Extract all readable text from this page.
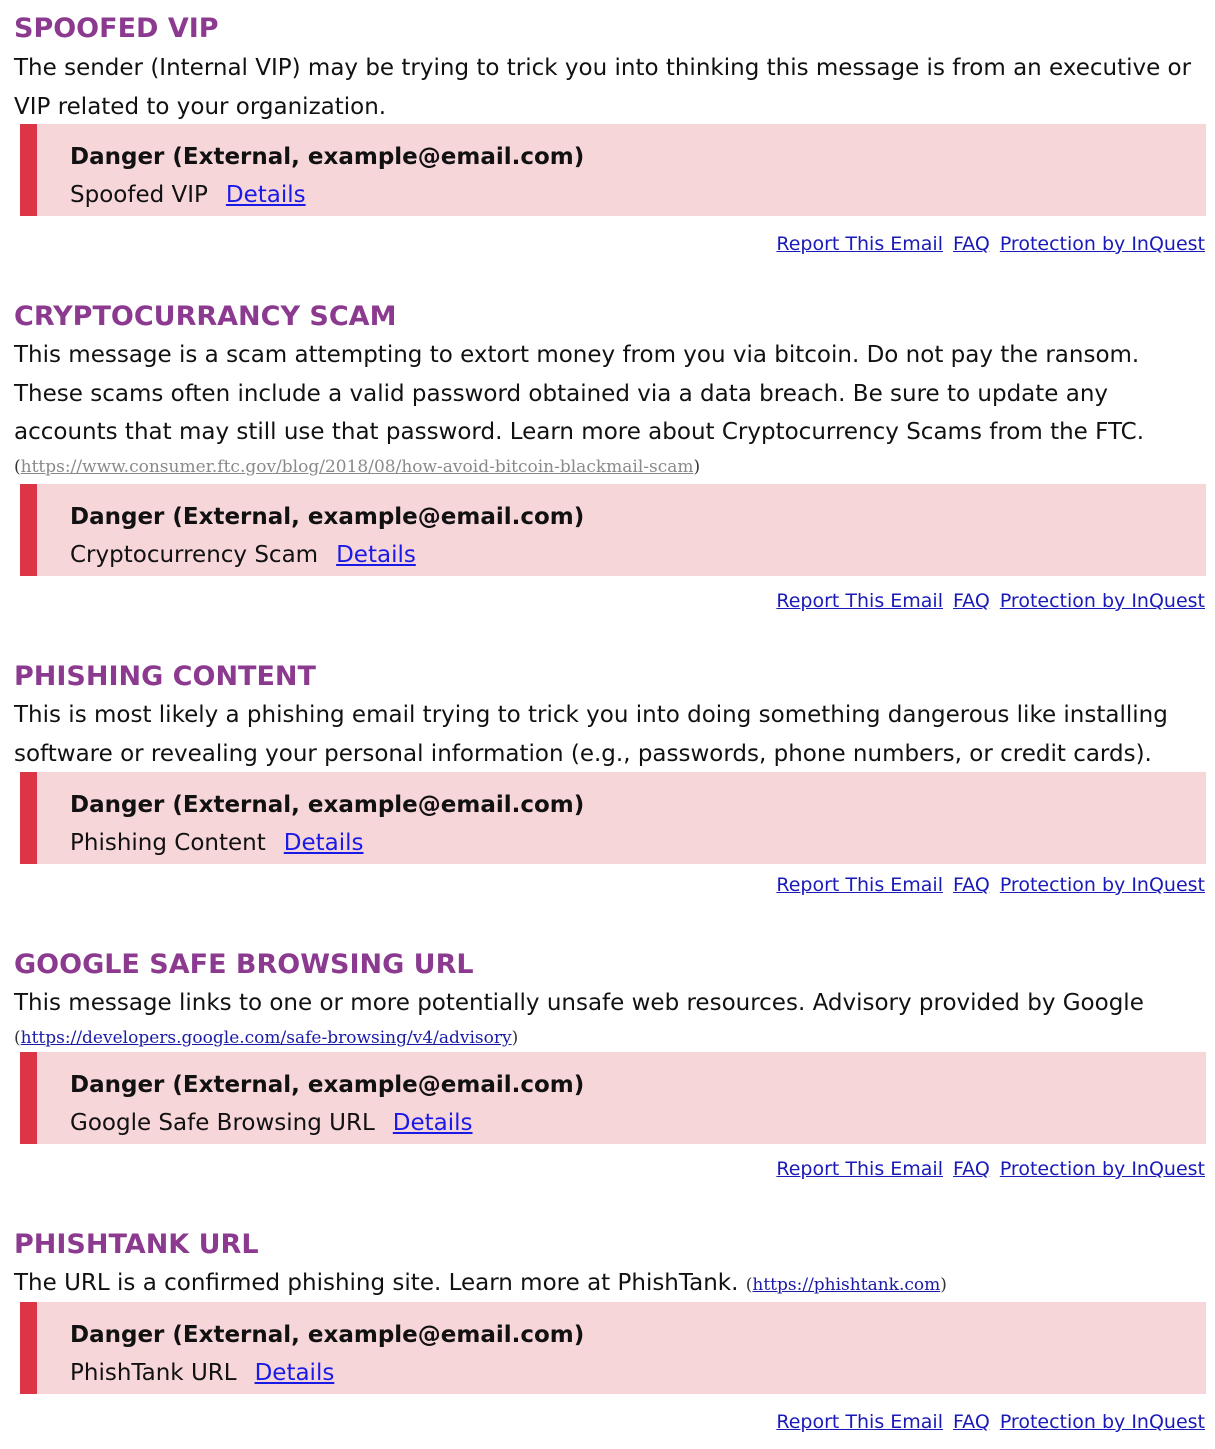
SPOOFED VIP
The sender (Internal VIP) may be trying to trick you into thinking this message is from an executive or VIP related to your organization.
Danger (External, example@email.com)
Spoofed VIP Details
Report This Email FAQ Protection by InQuest
CRYPTOCURRANCY SCAM
This message is a scam attempting to extort money from you via bitcoin. Do not pay the ransom. These scams often include a valid password obtained via a data breach. Be sure to update any accounts that may still use that password. Learn more about Cryptocurrency Scams from the FTC.
(https://www.consumer.ftc.gov/blog/2018/08/how-avoid-bitcoin-blackmail-scam)
Danger (External, example@email.com)
Cryptocurrency Scam Details
Report This Email FAQ Protection by InQuest
PHISHING CONTENT
This is most likely a phishing email trying to trick you into doing something dangerous like installing software or revealing your personal information (e.g., passwords, phone numbers, or credit cards).
Danger (External, example@email.com)
Phishing Content Details
Report This Email FAQ Protection by InQuest
GOOGLE SAFE BROWSING URL
This message links to one or more potentially unsafe web resources. Advisory provided by Google
(https://developers.google.com/safe-browsing/v4/advisory)
Danger (External, example@email.com)
Google Safe Browsing URL Details
Report This Email FAQ Protection by InQuest
PHISHTANK URL
The URL is a confirmed phishing site. Learn more at PhishTank. (https://phishtank.com)
Danger (External, example@email.com)
PhishTank URL Details
Report This Email FAQ Protection by InQuest
